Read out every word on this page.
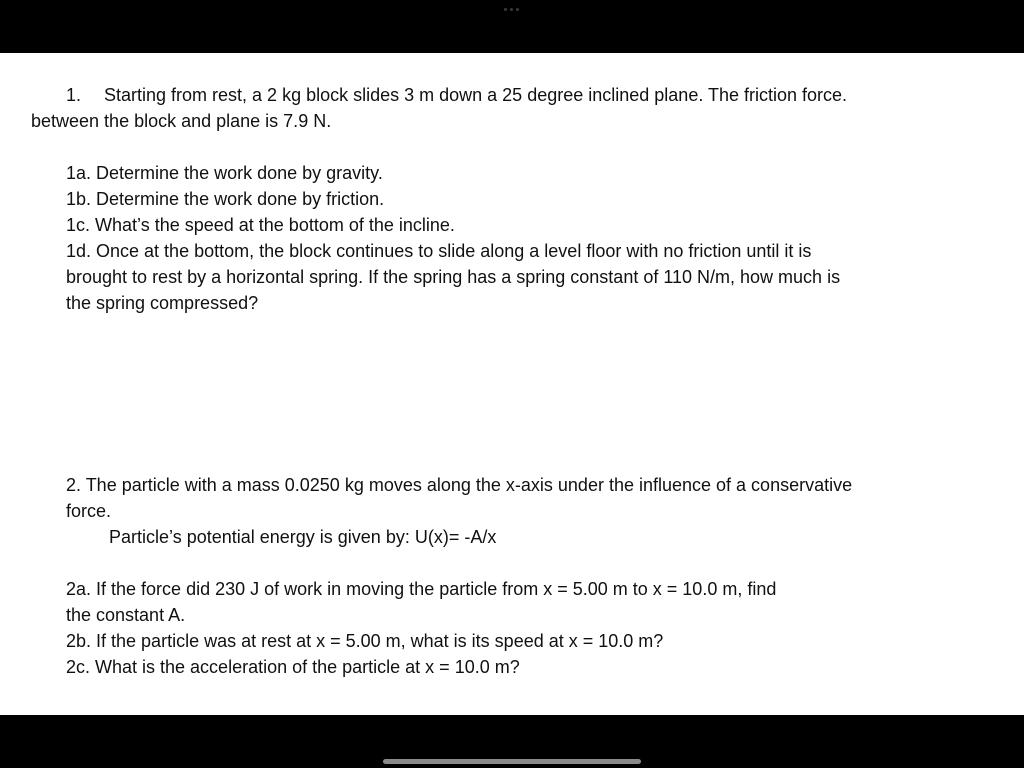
1. Starting from rest, a 2 kg block slides 3 m down a 25 degree inclined plane. The friction force.
between the block and plane is 7.9 N.
1a. Determine the work done by gravity.
1b. Determine the work done by friction.
1c. What’s the speed at the bottom of the incline.
1d. Once at the bottom, the block continues to slide along a level floor with no friction until it is
brought to rest by a horizontal spring. If the spring has a spring constant of 110 N/m, how much is
the spring compressed?
2. The particle with a mass 0.0250 kg moves along the x-axis under the influence of a conservative
force.
Particle’s potential energy is given by: U(x)= -A/x
2a. If the force did 230 J of work in moving the particle from x = 5.00 m to x = 10.0 m, find
the constant A.
2b. If the particle was at rest at x = 5.00 m, what is its speed at x = 10.0 m?
2c. What is the acceleration of the particle at x = 10.0 m?
